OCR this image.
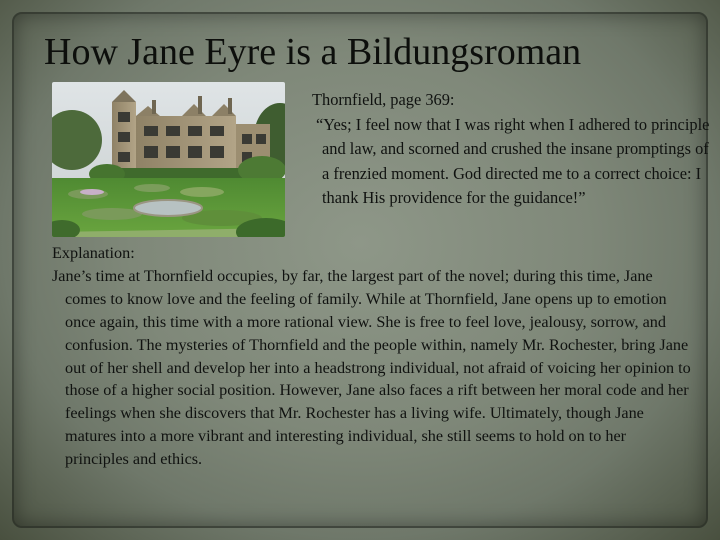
How Jane Eyre is a Bildungsroman
Thornfield, page 369:
“Yes; I feel now that I was right when I adhered to principle and law, and scorned and crushed the insane promptings of a frenzied moment. God directed me to a correct choice: I thank His providence for the guidance!”
Explanation:
Jane’s time at Thornfield occupies, by far, the largest part of the novel; during this time, Jane comes to know love and the feeling of family. While at Thornfield, Jane opens up to emotion once again, this time with a more rational view. She is free to feel love, jealousy, sorrow, and confusion. The mysteries of Thornfield and the people within, namely Mr. Rochester, bring Jane out of her shell and develop her into a headstrong individual, not afraid of voicing her opinion to those of a higher social position. However, Jane also faces a rift between her moral code and her feelings when she discovers that Mr. Rochester has a living wife. Ultimately, though Jane matures into a more vibrant and interesting individual, she still seems to hold on to her principles and ethics.
